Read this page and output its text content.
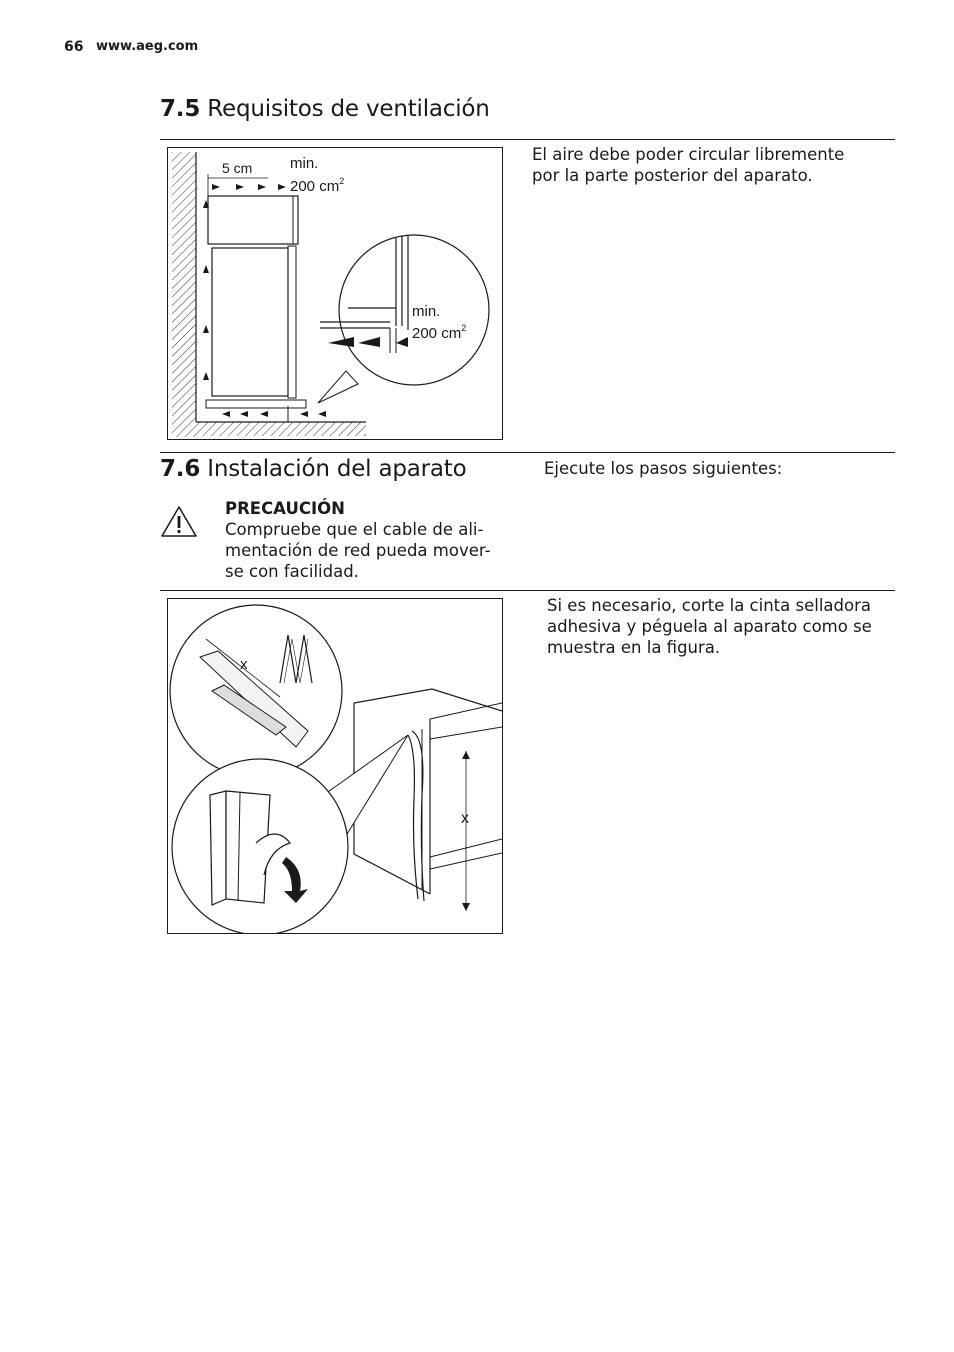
66 www.aeg.com
7.5 Requisitos de ventilación
5 cm	min.
200 $cm^2$
min.
200 $cm^2$
El aire debe poder circular libremente por la parte posterior del aparato.
7.6 Instalación del aparato	Ejecute los pasos siguientes:
PRECAUCIÓN
Compruebe que el cable de ali-
mentación de red pueda mover-
se con facilidad.
x
x
Si es necesario, corte la cinta selladora adhesiva y péguela al aparato como se muestra en la figura.
